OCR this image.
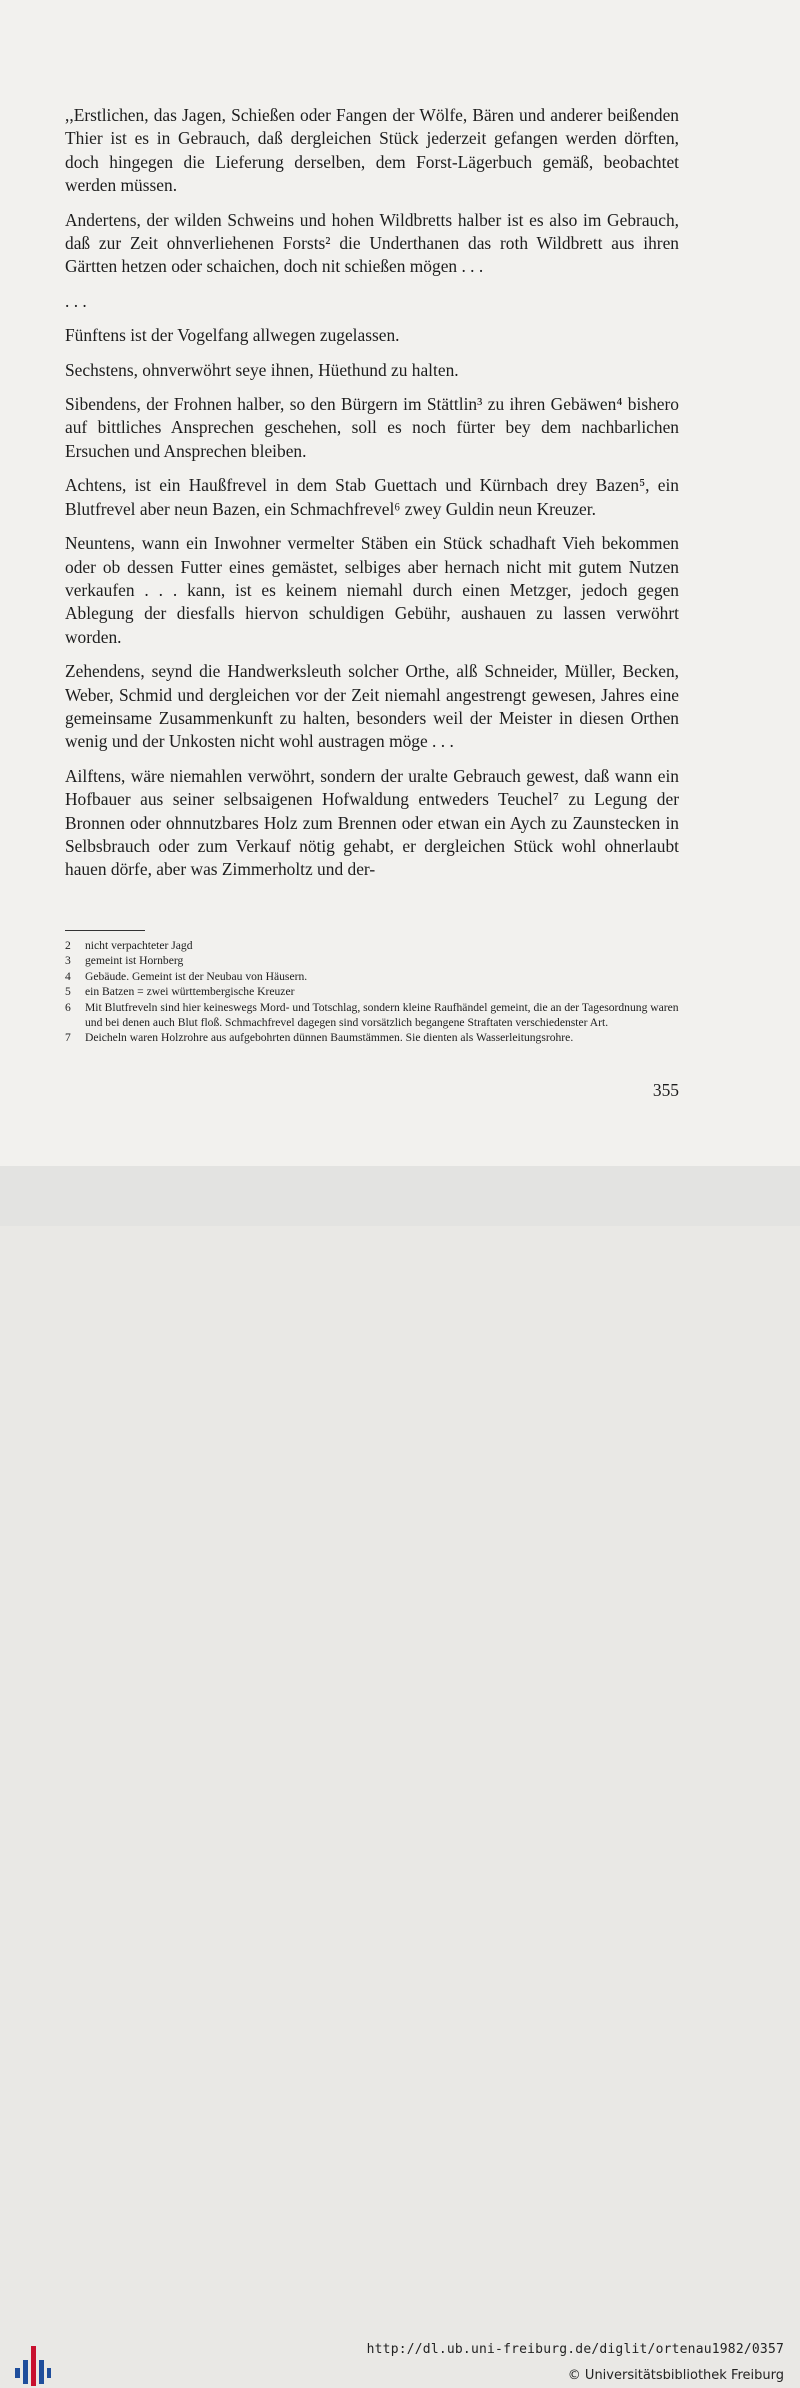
,,Erstlichen, das Jagen, Schießen oder Fangen der Wölfe, Bären und anderer beißenden Thier ist es in Gebrauch, daß dergleichen Stück jederzeit gefangen werden dörften, doch hingegen die Lieferung derselben, dem Forst-Lägerbuch gemäß, beobachtet werden müssen.

Andertens, der wilden Schweins und hohen Wildbretts halber ist es also im Gebrauch, daß zur Zeit ohnverliehenen Forsts² die Underthanen das roth Wildbrett aus ihren Gärtten hetzen oder schaichen, doch nit schießen mögen . . .

. . .

Fünftens ist der Vogelfang allwegen zugelassen.

Sechstens, ohnverwöhrt seye ihnen, Hüethund zu halten.

Sibendens, der Frohnen halber, so den Bürgern im Stättlin³ zu ihren Gebäwen⁴ bishero auf bittliches Ansprechen geschehen, soll es noch fürter bey dem nachbarlichen Ersuchen und Ansprechen bleiben.

Achtens, ist ein Haußfrevel in dem Stab Guettach und Kürnbach drey Bazen⁵, ein Blutfrevel aber neun Bazen, ein Schmachfrevel⁶ zwey Guldin neun Kreuzer.

Neuntens, wann ein Inwohner vermelter Stäben ein Stück schadhaft Vieh bekommen oder ob dessen Futter eines gemästet, selbiges aber hernach nicht mit gutem Nutzen verkaufen . . . kann, ist es keinem niemahl durch einen Metzger, jedoch gegen Ablegung der diesfalls hiervon schuldigen Gebühr, aushauen zu lassen verwöhrt worden.

Zehendens, seynd die Handwerksleuth solcher Orthe, alß Schneider, Müller, Becken, Weber, Schmid und dergleichen vor der Zeit niemahl angestrengt gewesen, Jahres eine gemeinsame Zusammenkunft zu halten, besonders weil der Meister in diesen Orthen wenig und der Unkosten nicht wohl austragen möge . . .

Ailftens, wäre niemahlen verwöhrt, sondern der uralte Gebrauch gewest, daß wann ein Hofbauer aus seiner selbsaigenen Hofwaldung entweders Teuchel⁷ zu Legung der Bronnen oder ohnnutzbares Holz zum Brennen oder etwan ein Aych zu Zaunstecken in Selbsbrauch oder zum Verkauf nötig gehabt, er dergleichen Stück wohl ohnerlaubt hauen dörfe, aber was Zimmerholtz und der-

2	nicht verpachteter Jagd
3	gemeint ist Hornberg
4	Gebäude. Gemeint ist der Neubau von Häusern.
5	ein Batzen = zwei württembergische Kreuzer
6	Mit Blutfreveln sind hier keineswegs Mord- und Totschlag, sondern kleine Raufhändel gemeint, die an der Tagesordnung waren und bei denen auch Blut floß. Schmachfrevel dagegen sind vorsätzlich begangene Straftaten verschiedenster Art.
7	Deicheln waren Holzrohre aus aufgebohrten dünnen Baumstämmen. Sie dienten als Wasserleitungsrohre.
355
http://dl.ub.uni-freiburg.de/diglit/ortenau1982/0357
© Universitätsbibliothek Freiburg
